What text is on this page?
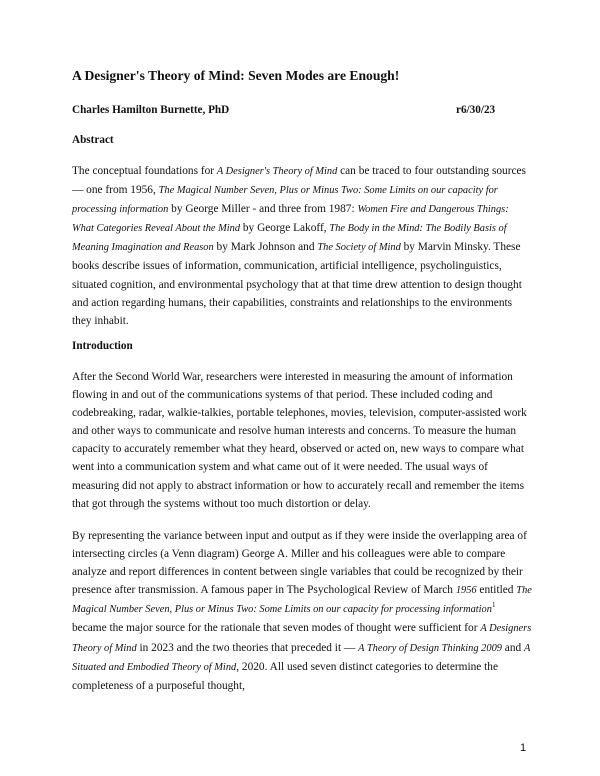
A Designer's Theory of Mind: Seven Modes are Enough!
Charles Hamilton Burnette, PhD	r6/30/23
Abstract
The conceptual foundations for A Designer's Theory of Mind can be traced to four outstanding sources — one from 1956, The Magical Number Seven, Plus or Minus Two: Some Limits on our capacity for processing information by George Miller - and three from 1987: Women Fire and Dangerous Things: What Categories Reveal About the Mind by George Lakoff, The Body in the Mind: The Bodily Basis of Meaning Imagination and Reason by Mark Johnson and The Society of Mind by Marvin Minsky. These books describe issues of information, communication, artificial intelligence, psycholinguistics, situated cognition, and environmental psychology that at that time drew attention to design thought and action regarding humans, their capabilities, constraints and relationships to the environments they inhabit.
Introduction
After the Second World War, researchers were interested in measuring the amount of information flowing in and out of the communications systems of that period. These included coding and codebreaking, radar, walkie-talkies, portable telephones, movies, television, computer-assisted work and other ways to communicate and resolve human interests and concerns. To measure the human capacity to accurately remember what they heard, observed or acted on, new ways to compare what went into a communication system and what came out of it were needed. The usual ways of measuring did not apply to abstract information or how to accurately recall and remember the items that got through the systems without too much distortion or delay.
By representing the variance between input and output as if they were inside the overlapping area of intersecting circles (a Venn diagram) George A. Miller and his colleagues were able to compare analyze and report differences in content between single variables that could be recognized by their presence after transmission. A famous paper in The Psychological Review of March 1956 entitled The Magical Number Seven, Plus or Minus Two: Some Limits on our capacity for processing information$^1$ became the major source for the rationale that seven modes of thought were sufficient for A Designers Theory of Mind in 2023 and the two theories that preceded it — A Theory of Design Thinking 2009 and A Situated and Embodied Theory of Mind, 2020. All used seven distinct categories to determine the completeness of a purposeful thought,
1
